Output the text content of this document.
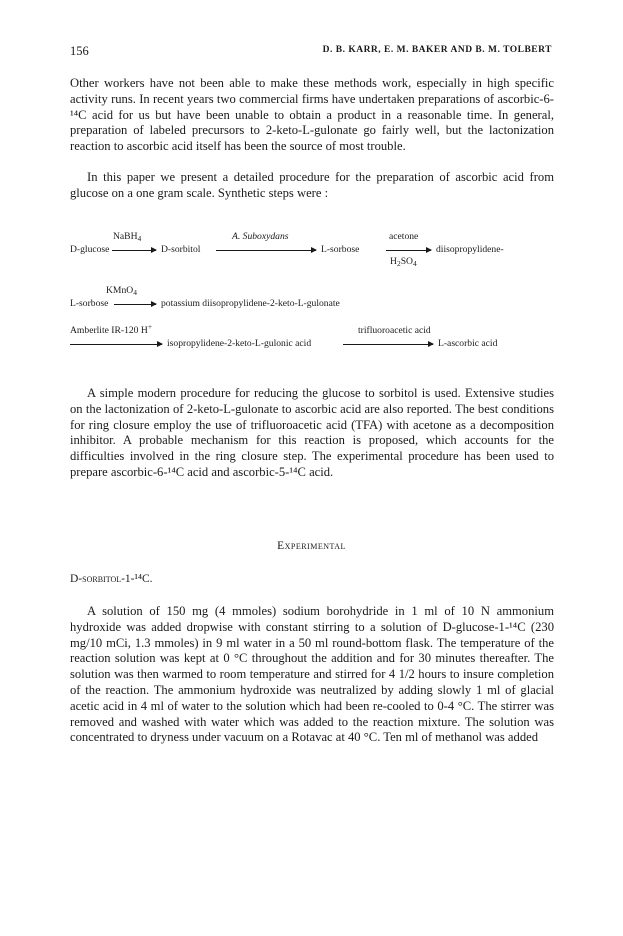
156	D. B. KARR, E. M. BAKER AND B. M. TOLBERT

Other workers have not been able to make these methods work, especially in high specific activity runs. In recent years two commercial firms have undertaken preparations of ascorbic-6-¹⁴C acid for us but have been unable to obtain a product in a reasonable time. In general, preparation of labeled precursors to 2-keto-L-gulonate go fairly well, but the lactonization reaction to ascorbic acid itself has been the source of most trouble.

In this paper we present a detailed procedure for the preparation of ascorbic acid from glucose on a one gram scale. Synthetic steps were :

NaBH$_4$
D-glucose	D-sorbitol
A. Suboxydans
L-sorbose
acetone
$H_2SO_4$
diisopropylidene-
KMnO$_4$
L-sorbose	potassium diisopropylidene-2-keto-L-gulonate
Amberlite IR-120 H+
isopropylidene-2-keto-L-gulonic acid
trifluoroacetic acid
L-ascorbic acid

A simple modern procedure for reducing the glucose to sorbitol is used. Extensive studies on the lactonization of 2-keto-L-gulonate to ascorbic acid are also reported. The best conditions for ring closure employ the use of trifluoroacetic acid (TFA) with acetone as a decomposition inhibitor. A probable mechanism for this reaction is proposed, which accounts for the difficulties involved in the ring closure step. The experimental procedure has been used to prepare ascorbic-6-¹⁴C acid and ascorbic-5-¹⁴C acid.

Experimental
D-sorbitol-1-¹⁴C.

A solution of 150 mg (4 mmoles) sodium borohydride in 1 ml of 10 N ammonium hydroxide was added dropwise with constant stirring to a solution of D-glucose-1-¹⁴C (230 mg/10 mCi, 1.3 mmoles) in 9 ml water in a 50 ml round-bottom flask. The temperature of the reaction solution was kept at 0 °C throughout the addition and for 30 minutes thereafter. The solution was then warmed to room temperature and stirred for 4 1/2 hours to insure completion of the reaction. The ammonium hydroxide was neutralized by adding slowly 1 ml of glacial acetic acid in 4 ml of water to the solution which had been re-cooled to 0-4 °C. The stirrer was removed and washed with water which was added to the reaction mixture. The solution was concentrated to dryness under vacuum on a Rotavac at 40 °C. Ten ml of methanol was added
